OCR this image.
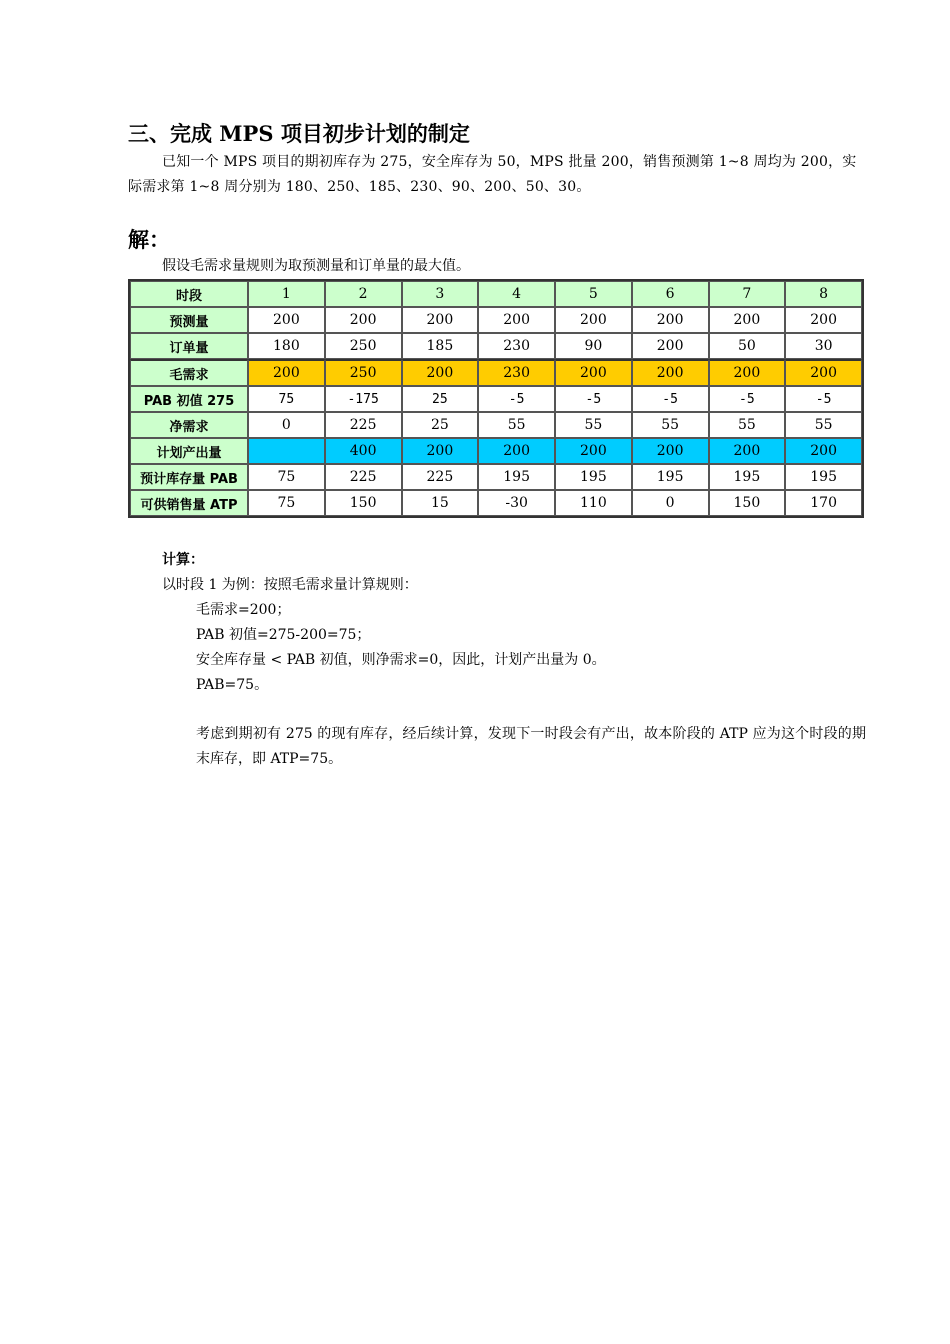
三、完成 MPS 项目初步计划的制定

已知一个 MPS 项目的期初库存为 275，安全库存为 50，MPS 批量 200，销售预测第 1~8 周均为 200，实际需求第 1~8 周分别为 180、250、185、230、90、200、50、30。

解：

假设毛需求量规则为取预测量和订单量的最大值。

时段	1	2	3	4	5	6	7	8
预测量	200	200	200	200	200	200	200	200
订单量	180	250	185	230	90	200	50	30
毛需求	200	250	200	230	200	200	200	200
PAB 初值 275	75	-175	25	-5	-5	-5	-5	-5
净需求	0	225	25	55	55	55	55	55
计划产出量		400	200	200	200	200	200	200
预计库存量 PAB	75	225	225	195	195	195	195	195
可供销售量 ATP	75	150	15	-30	110	0	150	170
计算：
以时段 1 为例：按照毛需求量计算规则：
毛需求=200；
PAB 初值=275-200=75；
安全库存量 < PAB 初值，则净需求=0，因此，计划产出量为 0。
PAB=75。
考虑到期初有 275 的现有库存，经后续计算，发现下一时段会有产出，故本阶段的 ATP 应为这个时段的期末库存，即 ATP=75。
